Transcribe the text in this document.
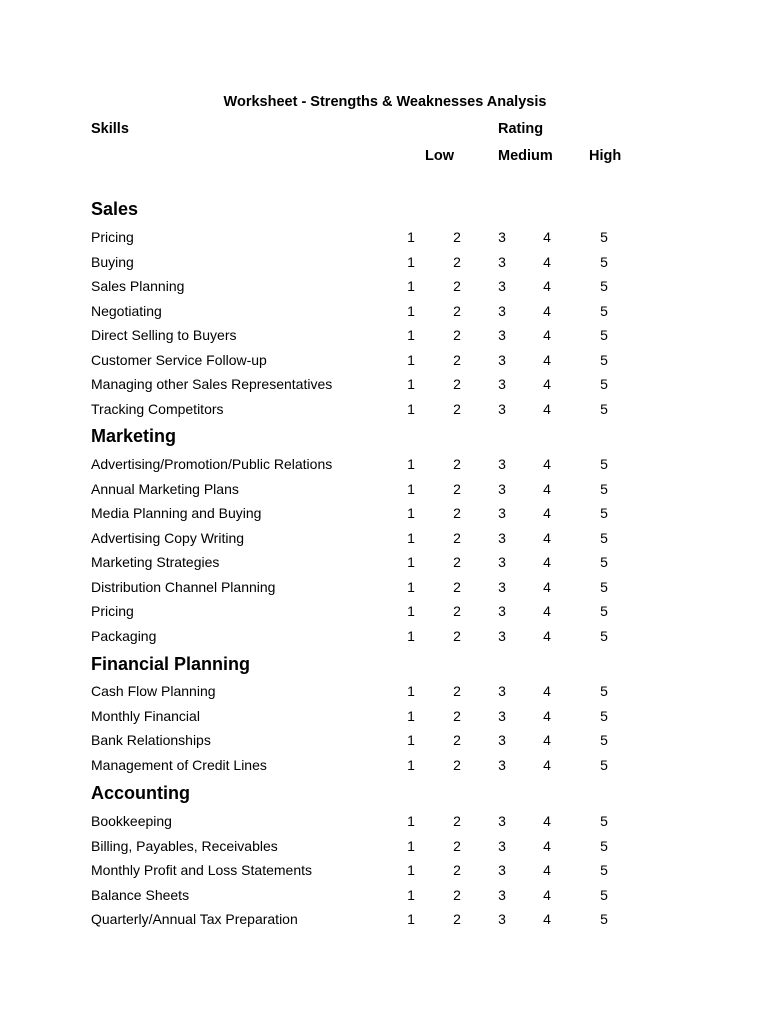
Worksheet - Strengths & Weaknesses Analysis
Skills	Rating
Low	Medium High
Sales
Pricing	1	2	3	4	5
Buying	1	2	3	4	5
Sales Planning	1	2	3	4	5
Negotiating	1	2	3	4	5
Direct Selling to Buyers	1	2	3	4	5
Customer Service Follow-up	1	2	3	4	5
Managing other Sales Representatives	1	2	3	4	5
Tracking Competitors	1	2	3	4	5
Marketing
Advertising/Promotion/Public Relations	1	2	3	4	5
Annual Marketing Plans	1	2	3	4	5
Media Planning and Buying	1	2	3	4	5
Advertising Copy Writing	1	2	3	4	5
Marketing Strategies	1	2	3	4	5
Distribution Channel Planning	1	2	3	4	5
Pricing	1	2	3	4	5
Packaging	1	2	3	4	5
Financial Planning
Cash Flow Planning	1	2	3	4	5
Monthly Financial	1	2	3	4	5
Bank Relationships	1	2	3	4	5
Management of Credit Lines	1	2	3	4	5
Accounting
Bookkeeping	1	2	3	4	5
Billing, Payables, Receivables	1	2	3	4	5
Monthly Profit and Loss Statements	1	2	3	4	5
Balance Sheets	1	2	3	4	5
Quarterly/Annual Tax Preparation	1	2	3	4	5
